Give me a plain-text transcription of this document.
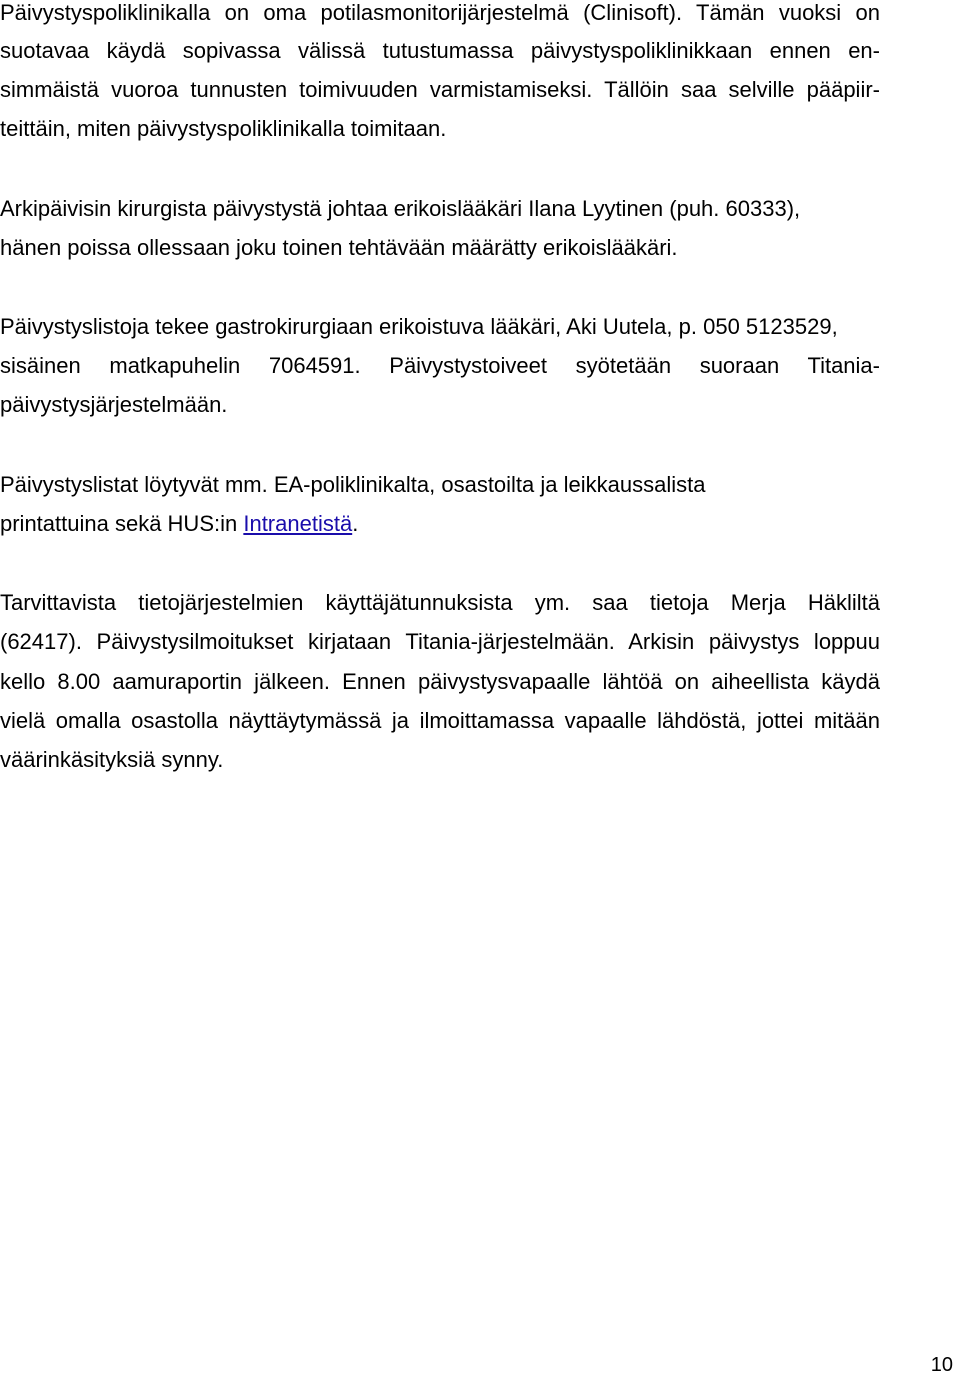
Päivystyspoliklinikalla on oma potilasmonitorijärjestelmä (Clinisoft). Tämän vuoksi on
suotavaa käydä sopivassa välissä tutustumassa päivystyspoliklinikkaan ennen en-
simmäistä vuoroa tunnusten toimivuuden varmistamiseksi. Tällöin saa selville pääpiir-
teittäin, miten päivystyspoliklinikalla toimitaan.
Arkipäivisin kirurgista päivystystä johtaa erikoislääkäri Ilana Lyytinen (puh. 60333),
hänen poissa ollessaan joku toinen tehtävään määrätty erikoislääkäri.
Päivystyslistoja tekee gastrokirurgiaan erikoistuva lääkäri, Aki Uutela, p. 050 5123529,
sisäinen matkapuhelin 7064591. Päivystystoiveet syötetään suoraan Titania-
päivystysjärjestelmään.
Päivystyslistat löytyvät mm. EA-poliklinikalta, osastoilta ja leikkaussalista
printattuina sekä HUS:in Intranetistä.
Tarvittavista tietojärjestelmien käyttäjätunnuksista ym. saa tietoja Merja Häkliltä
(62417). Päivystysilmoitukset kirjataan Titania-järjestelmään. Arkisin päivystys loppuu
kello 8.00 aamuraportin jälkeen. Ennen päivystysvapaalle lähtöä on aiheellista käydä
vielä omalla osastolla näyttäytymässä ja ilmoittamassa vapaalle lähdöstä, jottei mitään
väärinkäsityksiä synny.
10
